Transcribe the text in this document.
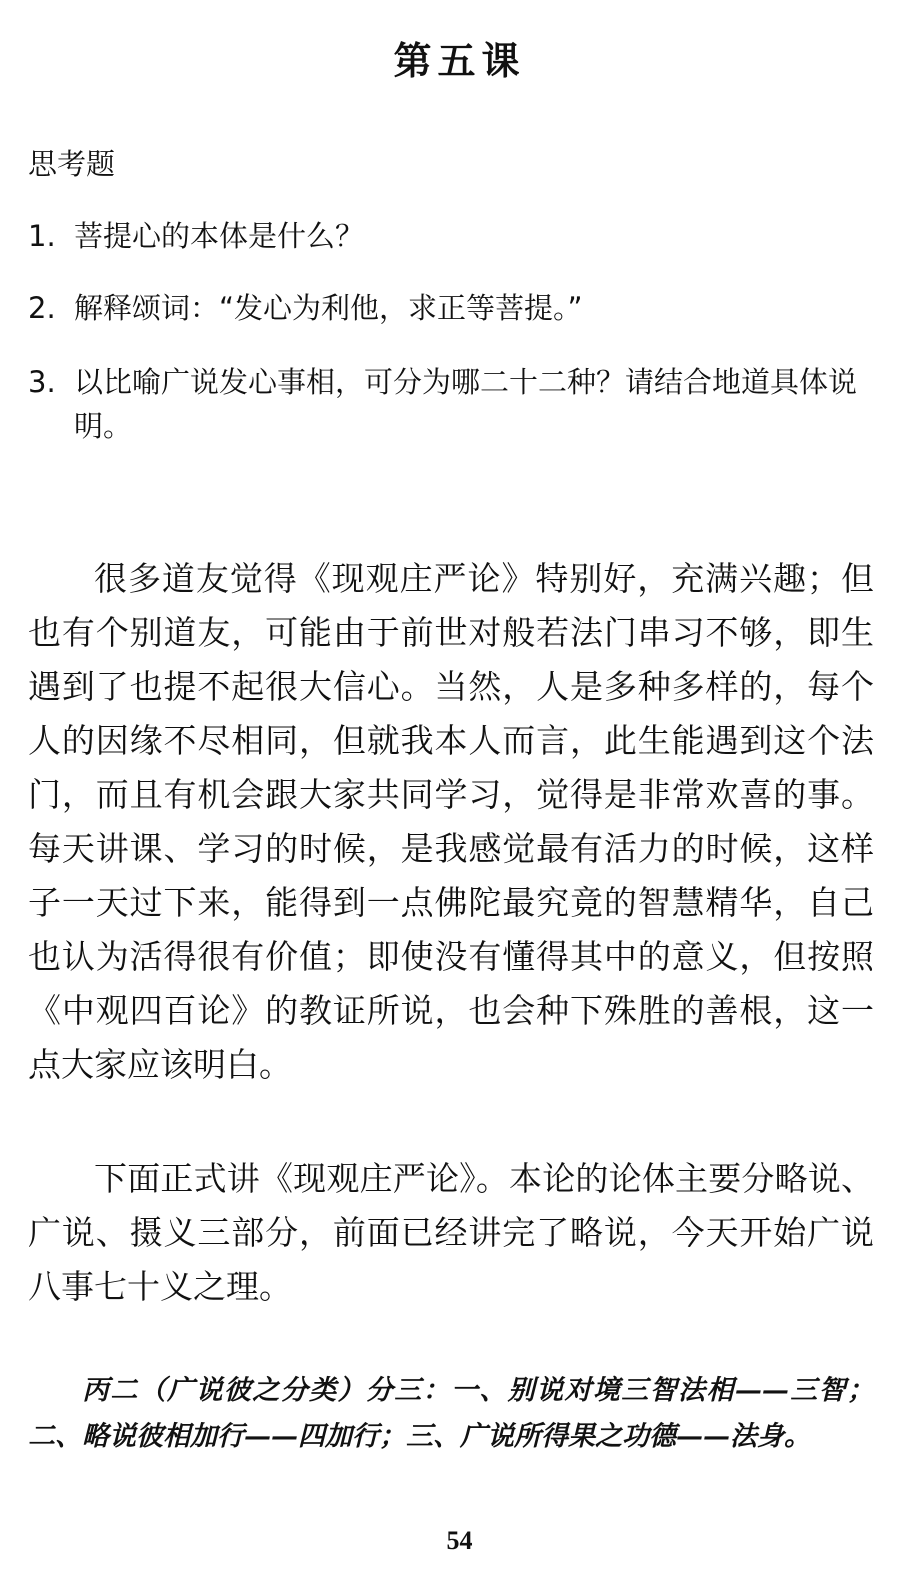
第五课
思考题
1. 菩提心的本体是什么？
2. 解释颂词：“发心为利他，求正等菩提。”
3. 以比喻广说发心事相，可分为哪二十二种？请结合地道具体说明。

很多道友觉得《现观庄严论》特别好，充满兴趣；但也有个别道友，可能由于前世对般若法门串习不够，即生遇到了也提不起很大信心。当然，人是多种多样的，每个人的因缘不尽相同，但就我本人而言，此生能遇到这个法门，而且有机会跟大家共同学习，觉得是非常欢喜的事。每天讲课、学习的时候，是我感觉最有活力的时候，这样子一天过下来，能得到一点佛陀最究竟的智慧精华，自己也认为活得很有价值；即使没有懂得其中的意义，但按照《中观四百论》的教证所说，也会种下殊胜的善根，这一点大家应该明白。

下面正式讲《现观庄严论》。本论的论体主要分略说、广说、摄义三部分，前面已经讲完了略说，今天开始广说八事七十义之理。

丙二（广说彼之分类）分三：一、别说对境三智法相——三智；二、略说彼相加行——四加行；三、广说所得果之功德——法身。

54
